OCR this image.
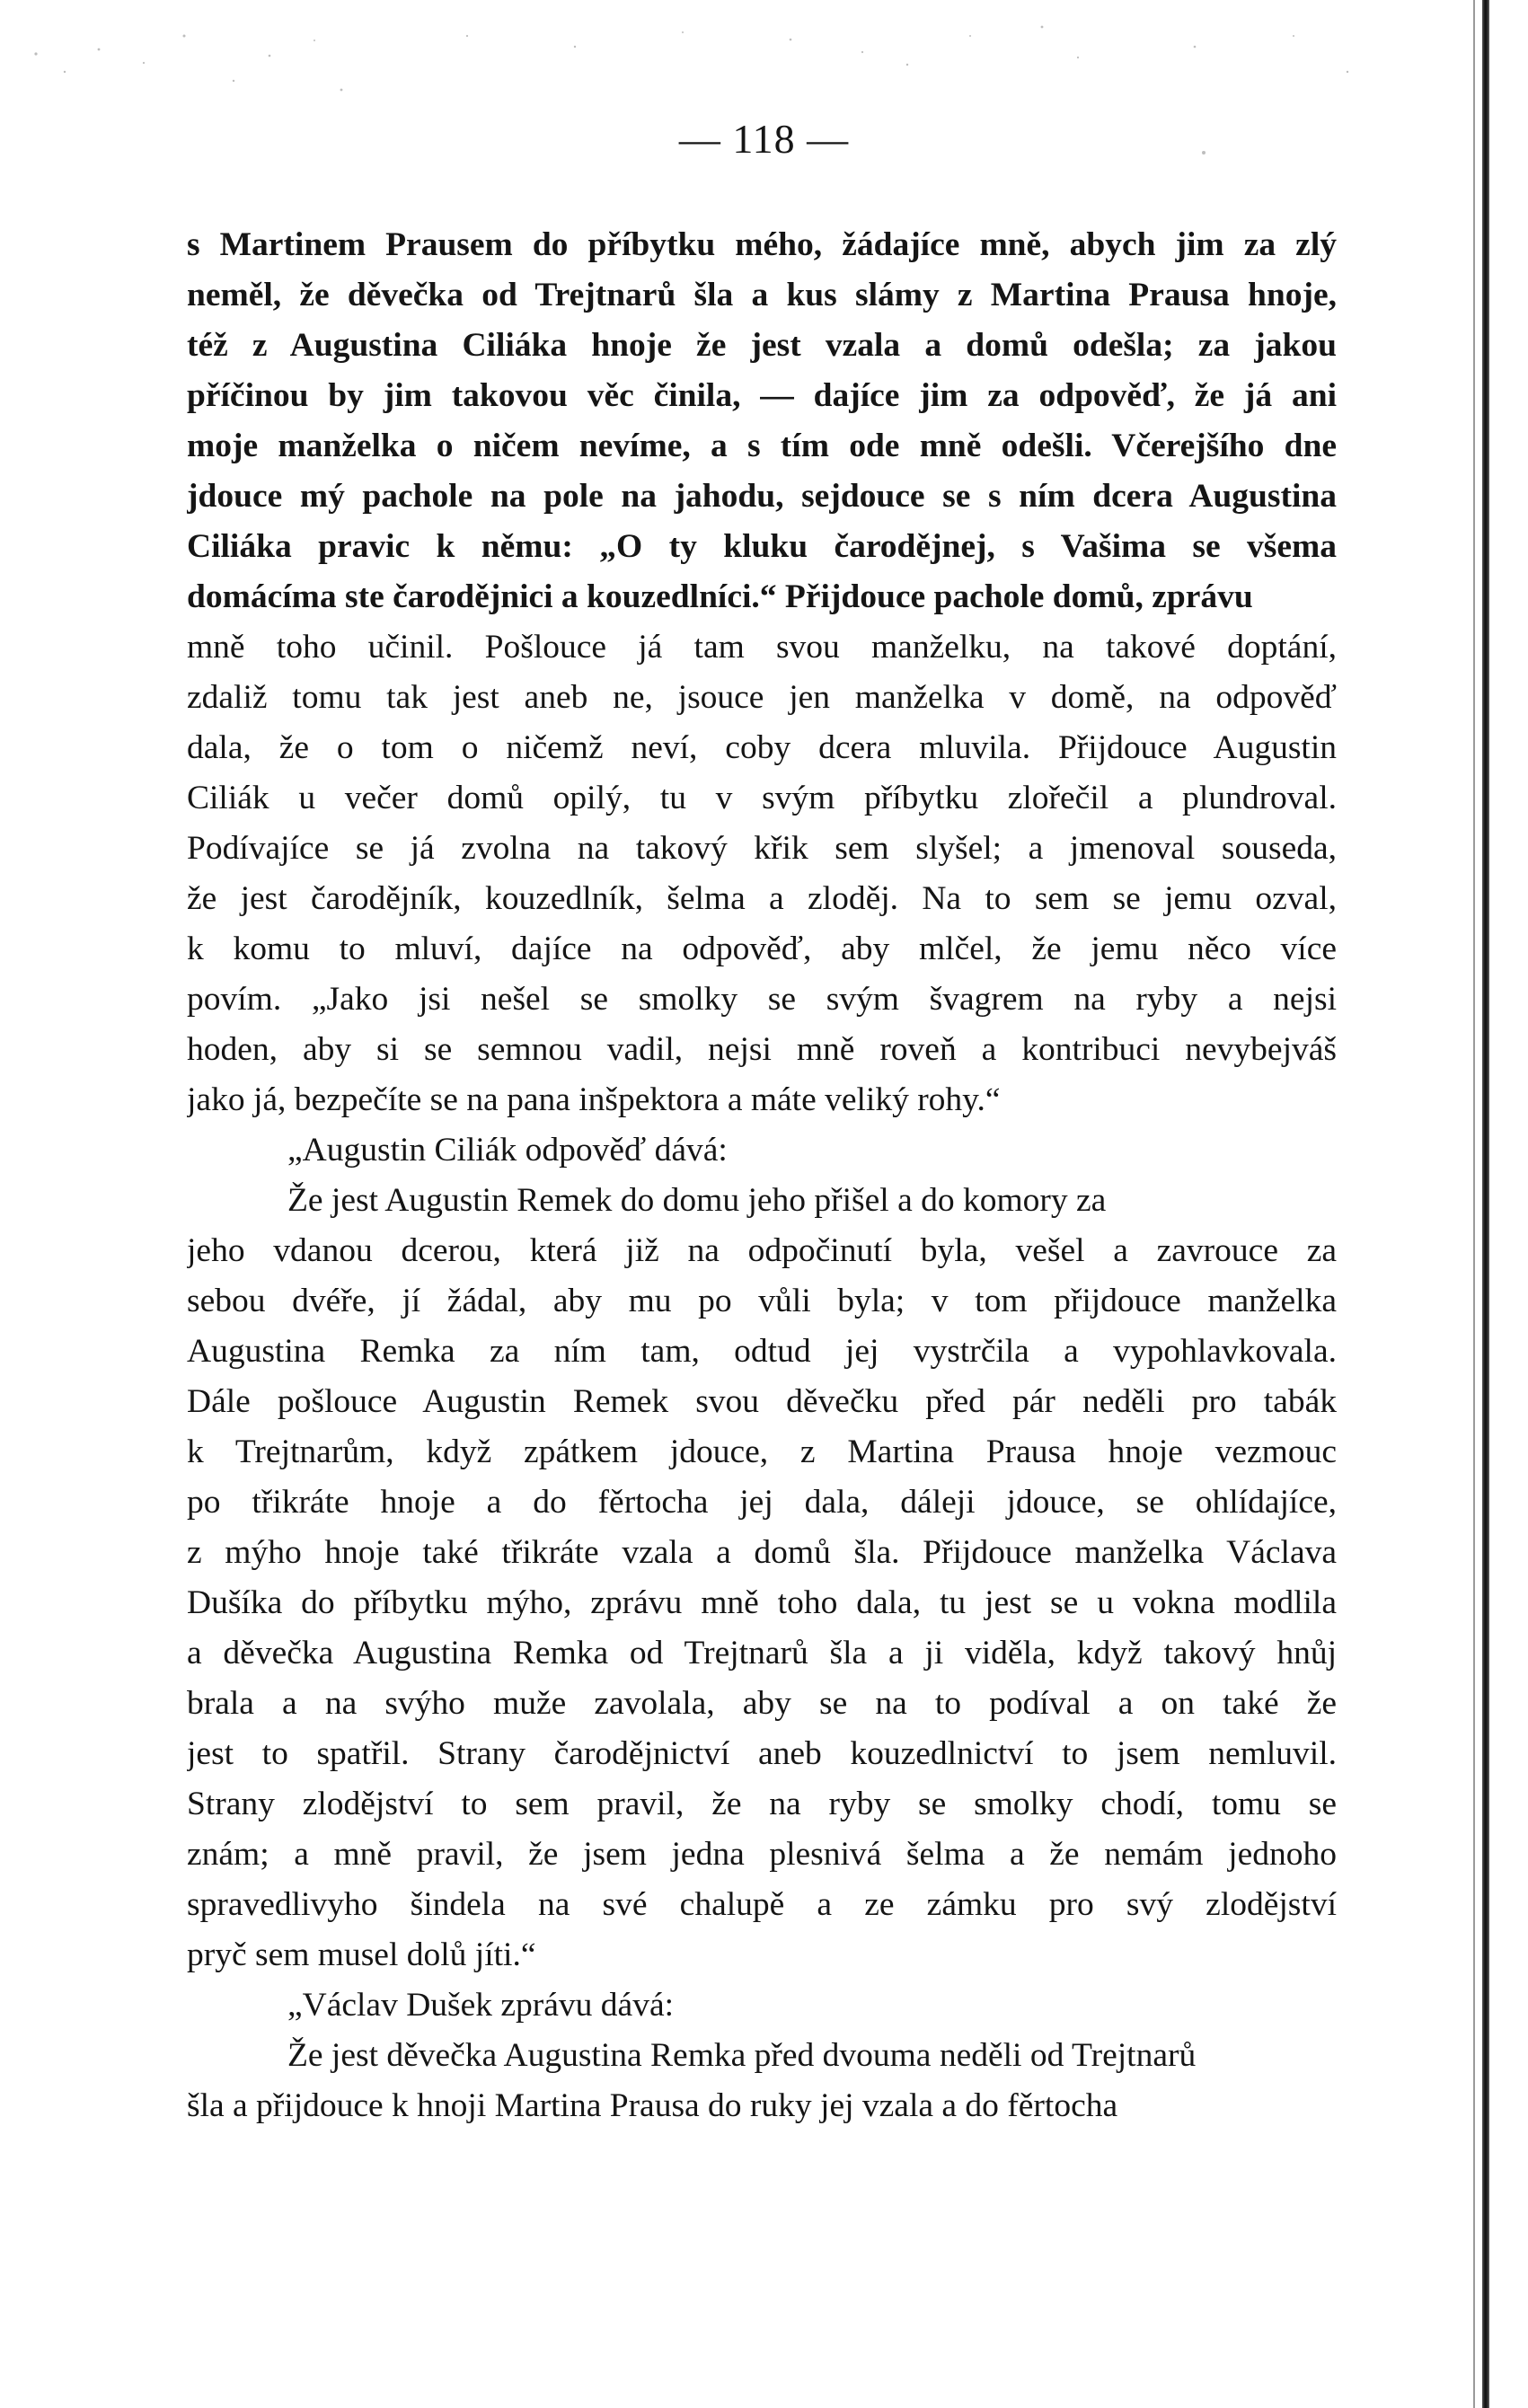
— 118 —
s Martinem Prausem do příbytku mého, žádajíce mně, abych jim za zlý
neměl, že děvečka od Trejtnarů šla a kus slámy z Martina Prausa hnoje,
též z Augustina Ciliáka hnoje že jest vzala a domů odešla; za jakou
příčinou by jim takovou věc činila, — dajíce jim za odpověď, že já ani
moje manželka o ničem nevíme, a s tím ode mně odešli. Včerejšího dne
jdouce mý pachole na pole na jahodu, sejdouce se s ním dcera Augustina
Ciliáka pravic k němu: „O ty kluku čarodějnej, s Vašima se všema
domácíma ste čarodějnici a kouzedlníci.“ Přijdouce pachole domů, zprávu
mně toho učinil. Pošlouce já tam svou manželku, na takové doptání,
zdaliž tomu tak jest aneb ne, jsouce jen manželka v domě, na odpověď
dala, že o tom o ničemž neví, coby dcera mluvila. Přijdouce Augustin
Ciliák u večer domů opilý, tu v svým příbytku zlořečil a plundroval.
Podívajíce se já zvolna na takový křik sem slyšel; a jmenoval souseda,
že jest čarodějník, kouzedlník, šelma a zloděj. Na to sem se jemu ozval,
k komu to mluví, dajíce na odpověď, aby mlčel, že jemu něco více
povím. „Jako jsi nešel se smolky se svým švagrem na ryby a nejsi
hoden, aby si se semnou vadil, nejsi mně roveň a kontribuci nevybejváš
jako já, bezpečíte se na pana inšpektora a máte veliký rohy.“
„Augustin Ciliák odpověď dává:
Že jest Augustin Remek do domu jeho přišel a do komory za
jeho vdanou dcerou, která již na odpočinutí byla, vešel a zavrouce za
sebou dvéře, jí žádal, aby mu po vůli byla; v tom přijdouce manželka
Augustina Remka za ním tam, odtud jej vystrčila a vypohlavkovala.
Dále pošlouce Augustin Remek svou děvečku před pár neděli pro tabák
k Trejtnarům, když zpátkem jdouce, z Martina Prausa hnoje vezmouc
po třikráte hnoje a do fěrtocha jej dala, dáleji jdouce, se ohlídajíce,
z mýho hnoje také třikráte vzala a domů šla. Přijdouce manželka Václava
Dušíka do příbytku mýho, zprávu mně toho dala, tu jest se u vokna modlila
a děvečka Augustina Remka od Trejtnarů šla a ji viděla, když takový hnůj
brala a na svýho muže zavolala, aby se na to podíval a on také že
jest to spatřil. Strany čarodějnictví aneb kouzedlnictví to jsem nemluvil.
Strany zlodějství to sem pravil, že na ryby se smolky chodí, tomu se
znám; a mně pravil, že jsem jedna plesnivá šelma a že nemám jednoho
spravedlivyho šindela na své chalupě a ze zámku pro svý zlodějství
pryč sem musel dolů jíti.“
„Václav Dušek zprávu dává:
Že jest děvečka Augustina Remka před dvouma neděli od Trejtnarů
šla a přijdouce k hnoji Martina Prausa do ruky jej vzala a do fěrtocha
